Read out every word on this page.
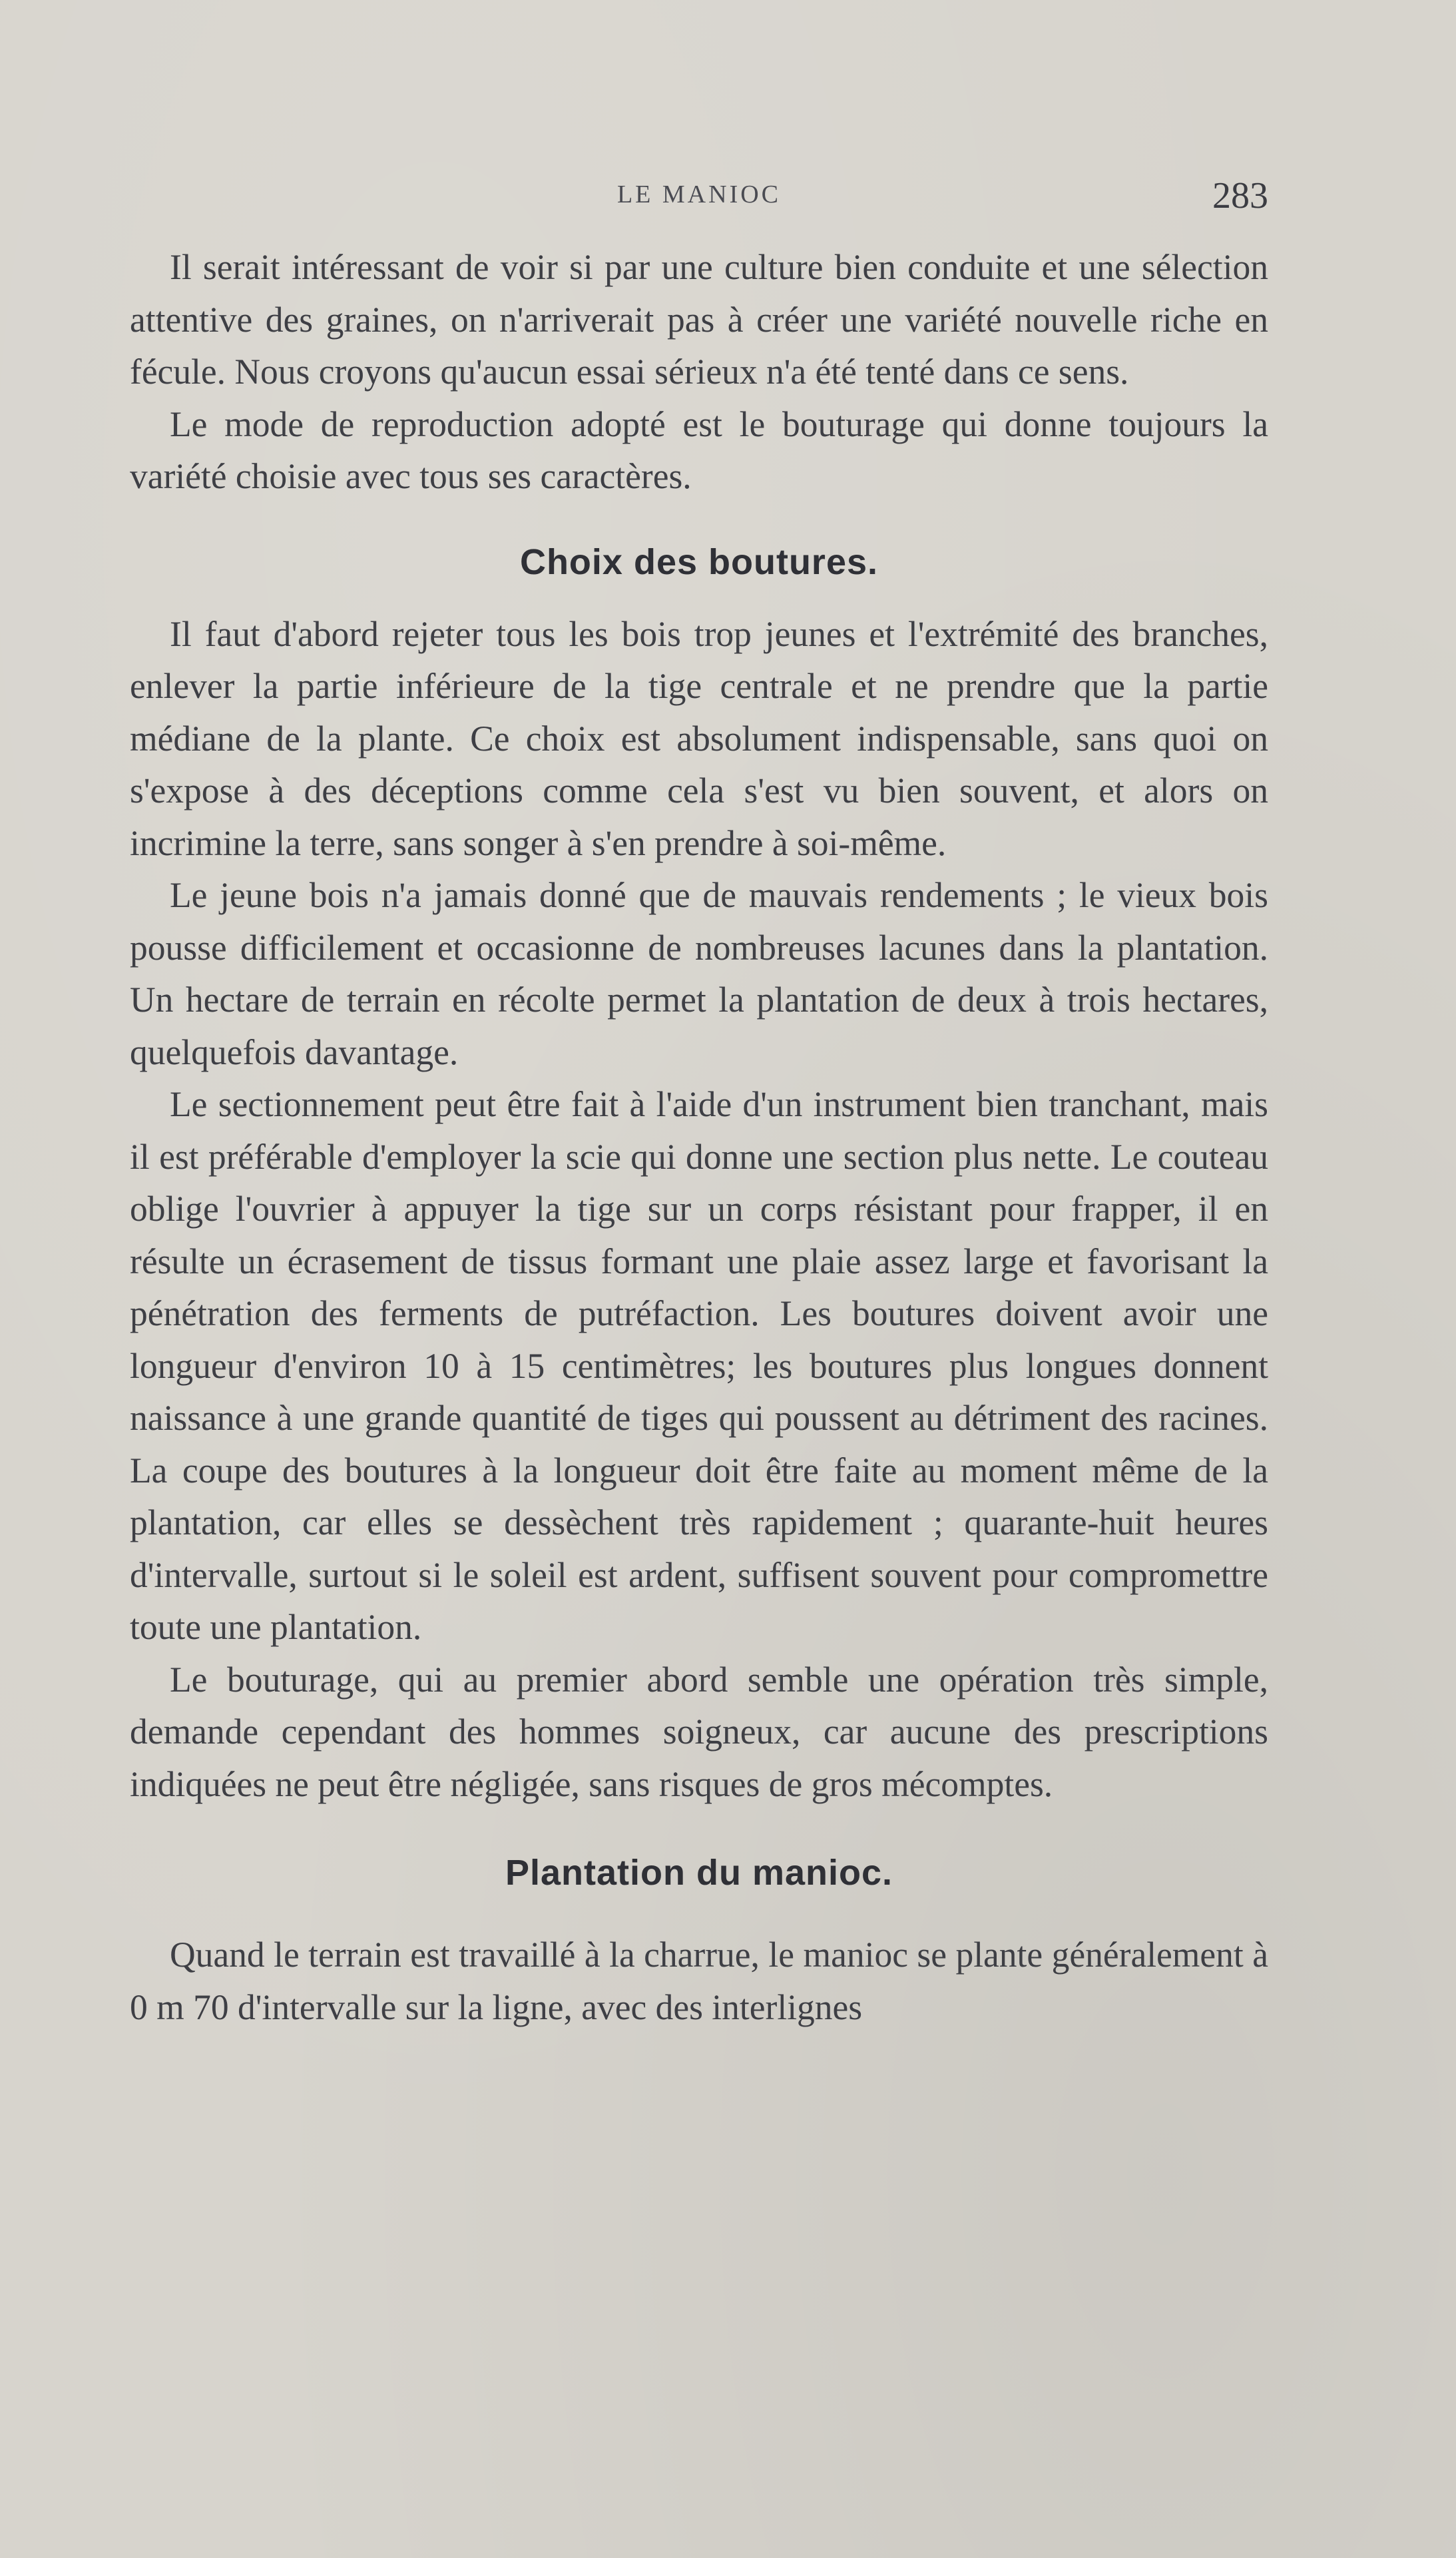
LE MANIOC	283

Il serait intéressant de voir si par une culture bien conduite et une sélection attentive des graines, on n'arriverait pas à créer une variété nouvelle riche en fécule. Nous croyons qu'aucun essai sérieux n'a été tenté dans ce sens.

Le mode de reproduction adopté est le bouturage qui donne toujours la variété choisie avec tous ses caractères.

Choix des boutures.

Il faut d'abord rejeter tous les bois trop jeunes et l'extrémité des branches, enlever la partie inférieure de la tige centrale et ne prendre que la partie médiane de la plante. Ce choix est absolument indispensable, sans quoi on s'expose à des déceptions comme cela s'est vu bien souvent, et alors on incrimine la terre, sans songer à s'en prendre à soi-même.

Le jeune bois n'a jamais donné que de mauvais rendements ; le vieux bois pousse difficilement et occasionne de nombreuses lacunes dans la plantation. Un hectare de terrain en récolte permet la plantation de deux à trois hectares, quelquefois davantage.

Le sectionnement peut être fait à l'aide d'un instrument bien tranchant, mais il est préférable d'employer la scie qui donne une section plus nette. Le couteau oblige l'ouvrier à appuyer la tige sur un corps résistant pour frapper, il en résulte un écrasement de tissus formant une plaie assez large et favorisant la pénétration des ferments de putréfaction. Les boutures doivent avoir une longueur d'environ 10 à 15 centimètres; les boutures plus longues donnent naissance à une grande quantité de tiges qui poussent au détriment des racines. La coupe des boutures à la longueur doit être faite au moment même de la plantation, car elles se dessèchent très rapidement ; quarante-huit heures d'intervalle, surtout si le soleil est ardent, suffisent souvent pour compromettre toute une plantation.

Le bouturage, qui au premier abord semble une opération très simple, demande cependant des hommes soigneux, car aucune des prescriptions indiquées ne peut être négligée, sans risques de gros mécomptes.

Plantation du manioc.

Quand le terrain est travaillé à la charrue, le manioc se plante généralement à 0 m 70 d'intervalle sur la ligne, avec des interlignes
